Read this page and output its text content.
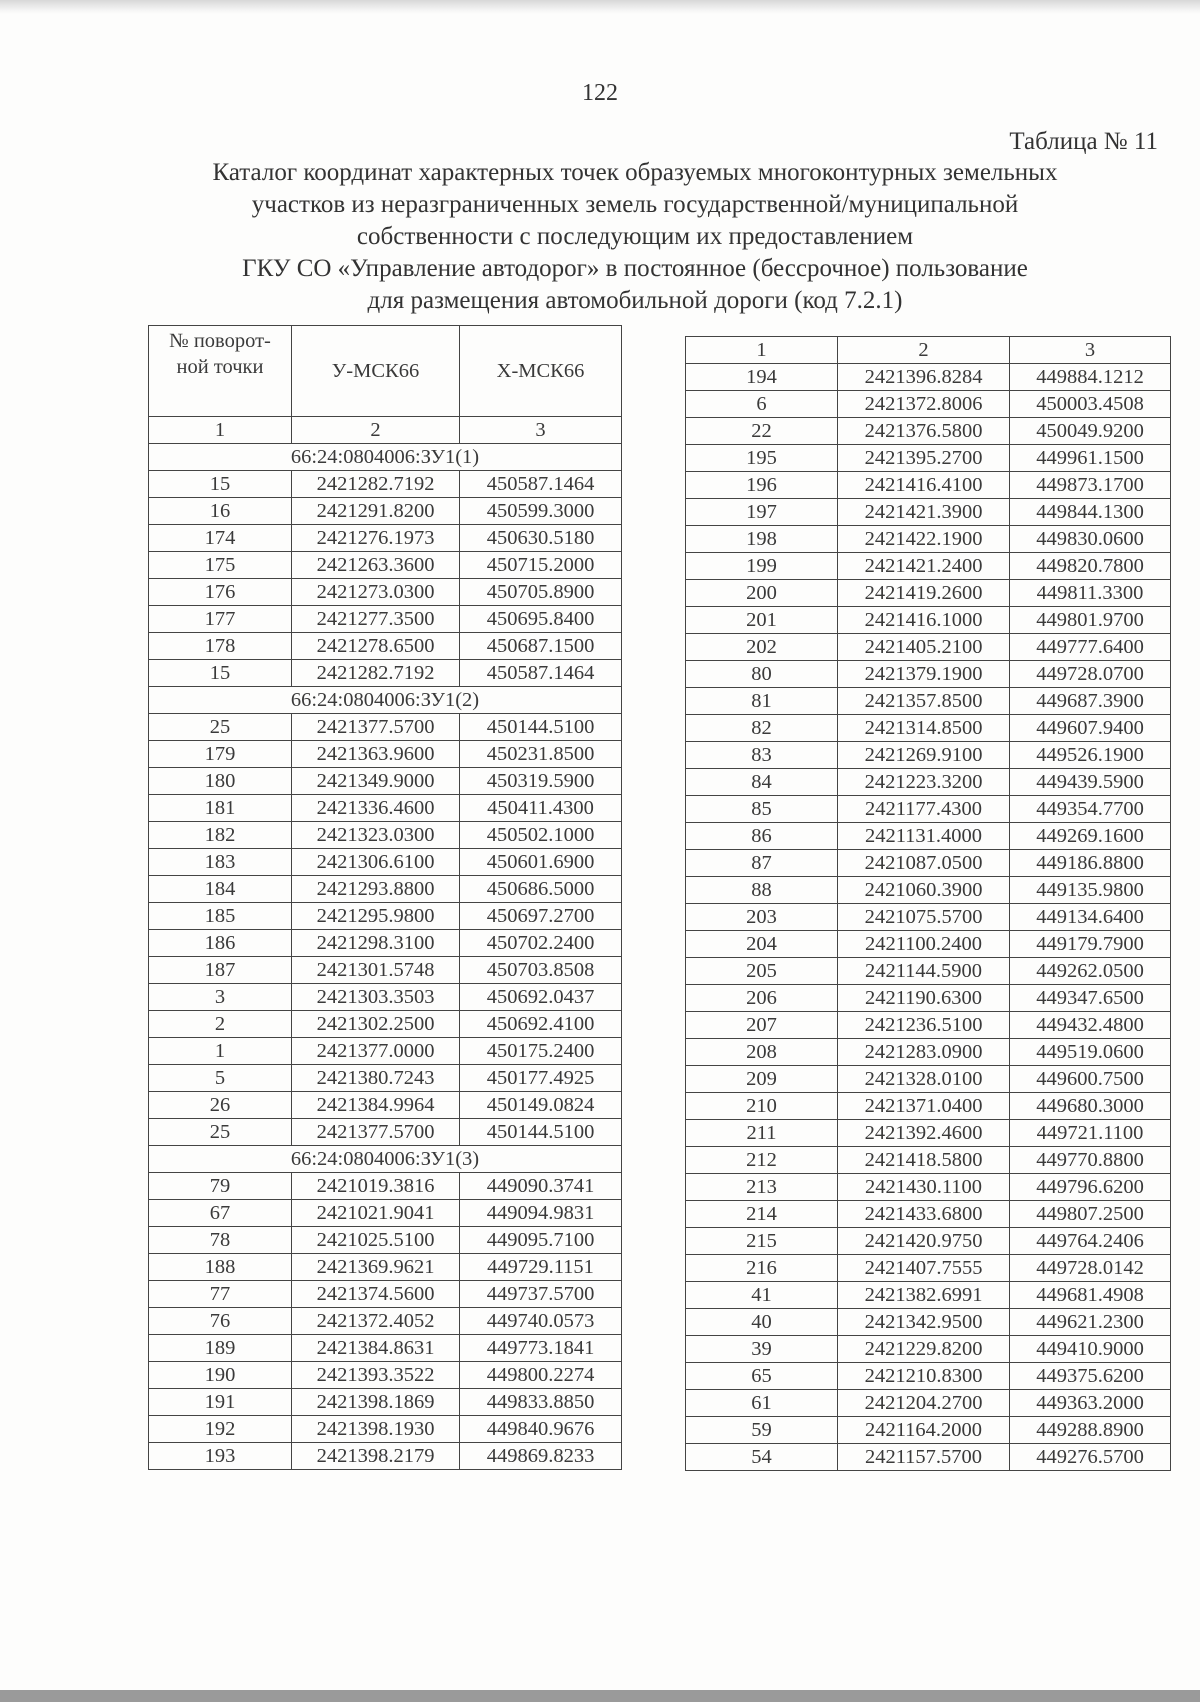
122
Таблица № 11
Каталог координат характерных точек образуемых многоконтурных земельных
участков из неразграниченных земель государственной/муниципальной
собственности с последующим их предоставлением
ГКУ СО «Управление автодорог» в постоянное (бессрочное) пользование
для размещения автомобильной дороги (код 7.2.1)
№ поворот-
ной точки	У-МСК66	Х-МСК66
1	2	3
66:24:0804006:ЗУ1(1)		
15	2421282.7192	450587.1464
16	2421291.8200	450599.3000
174	2421276.1973	450630.5180
175	2421263.3600	450715.2000
176	2421273.0300	450705.8900
177	2421277.3500	450695.8400
178	2421278.6500	450687.1500
15	2421282.7192	450587.1464
66:24:0804006:ЗУ1(2)		
25	2421377.5700	450144.5100
179	2421363.9600	450231.8500
180	2421349.9000	450319.5900
181	2421336.4600	450411.4300
182	2421323.0300	450502.1000
183	2421306.6100	450601.6900
184	2421293.8800	450686.5000
185	2421295.9800	450697.2700
186	2421298.3100	450702.2400
187	2421301.5748	450703.8508
3	2421303.3503	450692.0437
2	2421302.2500	450692.4100
1	2421377.0000	450175.2400
5	2421380.7243	450177.4925
26	2421384.9964	450149.0824
25	2421377.5700	450144.5100
66:24:0804006:ЗУ1(3)		
79	2421019.3816	449090.3741
67	2421021.9041	449094.9831
78	2421025.5100	449095.7100
188	2421369.9621	449729.1151
77	2421374.5600	449737.5700
76	2421372.4052	449740.0573
189	2421384.8631	449773.1841
190	2421393.3522	449800.2274
191	2421398.1869	449833.8850
192	2421398.1930	449840.9676
193	2421398.2179	449869.8233
1	2	3
194	2421396.8284	449884.1212
6	2421372.8006	450003.4508
22	2421376.5800	450049.9200
195	2421395.2700	449961.1500
196	2421416.4100	449873.1700
197	2421421.3900	449844.1300
198	2421422.1900	449830.0600
199	2421421.2400	449820.7800
200	2421419.2600	449811.3300
201	2421416.1000	449801.9700
202	2421405.2100	449777.6400
80	2421379.1900	449728.0700
81	2421357.8500	449687.3900
82	2421314.8500	449607.9400
83	2421269.9100	449526.1900
84	2421223.3200	449439.5900
85	2421177.4300	449354.7700
86	2421131.4000	449269.1600
87	2421087.0500	449186.8800
88	2421060.3900	449135.9800
203	2421075.5700	449134.6400
204	2421100.2400	449179.7900
205	2421144.5900	449262.0500
206	2421190.6300	449347.6500
207	2421236.5100	449432.4800
208	2421283.0900	449519.0600
209	2421328.0100	449600.7500
210	2421371.0400	449680.3000
211	2421392.4600	449721.1100
212	2421418.5800	449770.8800
213	2421430.1100	449796.6200
214	2421433.6800	449807.2500
215	2421420.9750	449764.2406
216	2421407.7555	449728.0142
41	2421382.6991	449681.4908
40	2421342.9500	449621.2300
39	2421229.8200	449410.9000
65	2421210.8300	449375.6200
61	2421204.2700	449363.2000
59	2421164.2000	449288.8900
54	2421157.5700	449276.5700
